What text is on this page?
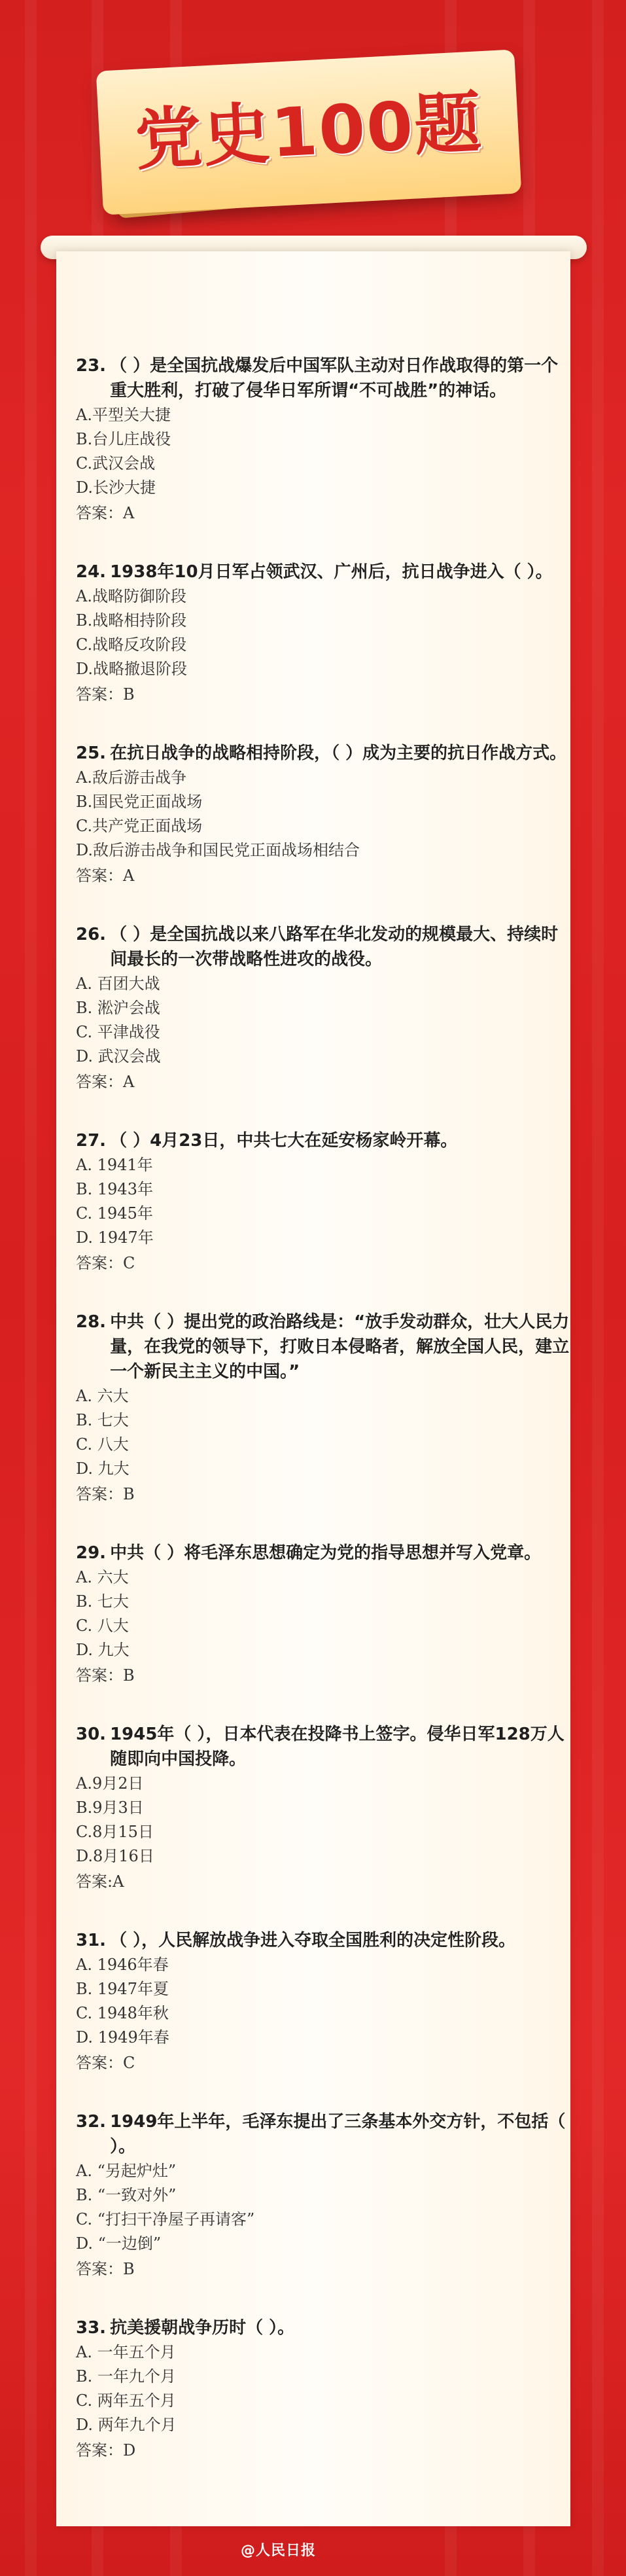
党史100题
23. （ ）是全国抗战爆发后中国军队主动对日作战取得的第一个重大胜利，打破了侵华日军所谓“不可战胜”的神话。
A.平型关大捷
B.台儿庄战役
C.武汉会战
D.长沙大捷
答案：A
24. 1938年10月日军占领武汉、广州后，抗日战争进入（ ）。
A.战略防御阶段
B.战略相持阶段
C.战略反攻阶段
D.战略撤退阶段
答案：B
25. 在抗日战争的战略相持阶段，（ ）成为主要的抗日作战方式。
A.敌后游击战争
B.国民党正面战场
C.共产党正面战场
D.敌后游击战争和国民党正面战场相结合
答案：A
26. （ ）是全国抗战以来八路军在华北发动的规模最大、持续时间最长的一次带战略性进攻的战役。
A. 百团大战
B. 淞沪会战
C. 平津战役
D. 武汉会战
答案：A
27. （ ）4月23日，中共七大在延安杨家岭开幕。
A. 1941年
B. 1943年
C. 1945年
D. 1947年
答案：C
28. 中共（ ）提出党的政治路线是：“放手发动群众，壮大人民力量，在我党的领导下，打败日本侵略者，解放全国人民，建立一个新民主主义的中国。”
A. 六大
B. 七大
C. 八大
D. 九大
答案：B
29. 中共（ ）将毛泽东思想确定为党的指导思想并写入党章。
A. 六大
B. 七大
C. 八大
D. 九大
答案：B
30. 1945年（ ），日本代表在投降书上签字。侵华日军128万人随即向中国投降。
A.9月2日
B.9月3日
C.8月15日
D.8月16日
答案:A
31. （ ），人民解放战争进入夺取全国胜利的决定性阶段。
A. 1946年春
B. 1947年夏
C. 1948年秋
D. 1949年春
答案：C
32. 1949年上半年，毛泽东提出了三条基本外交方针，不包括（ ）。
A. “另起炉灶”
B. “一致对外”
C. “打扫干净屋子再请客”
D. “一边倒”
答案：B
33. 抗美援朝战争历时（ ）。
A. 一年五个月
B. 一年九个月
C. 两年五个月
D. 两年九个月
答案：D
@人民日报
